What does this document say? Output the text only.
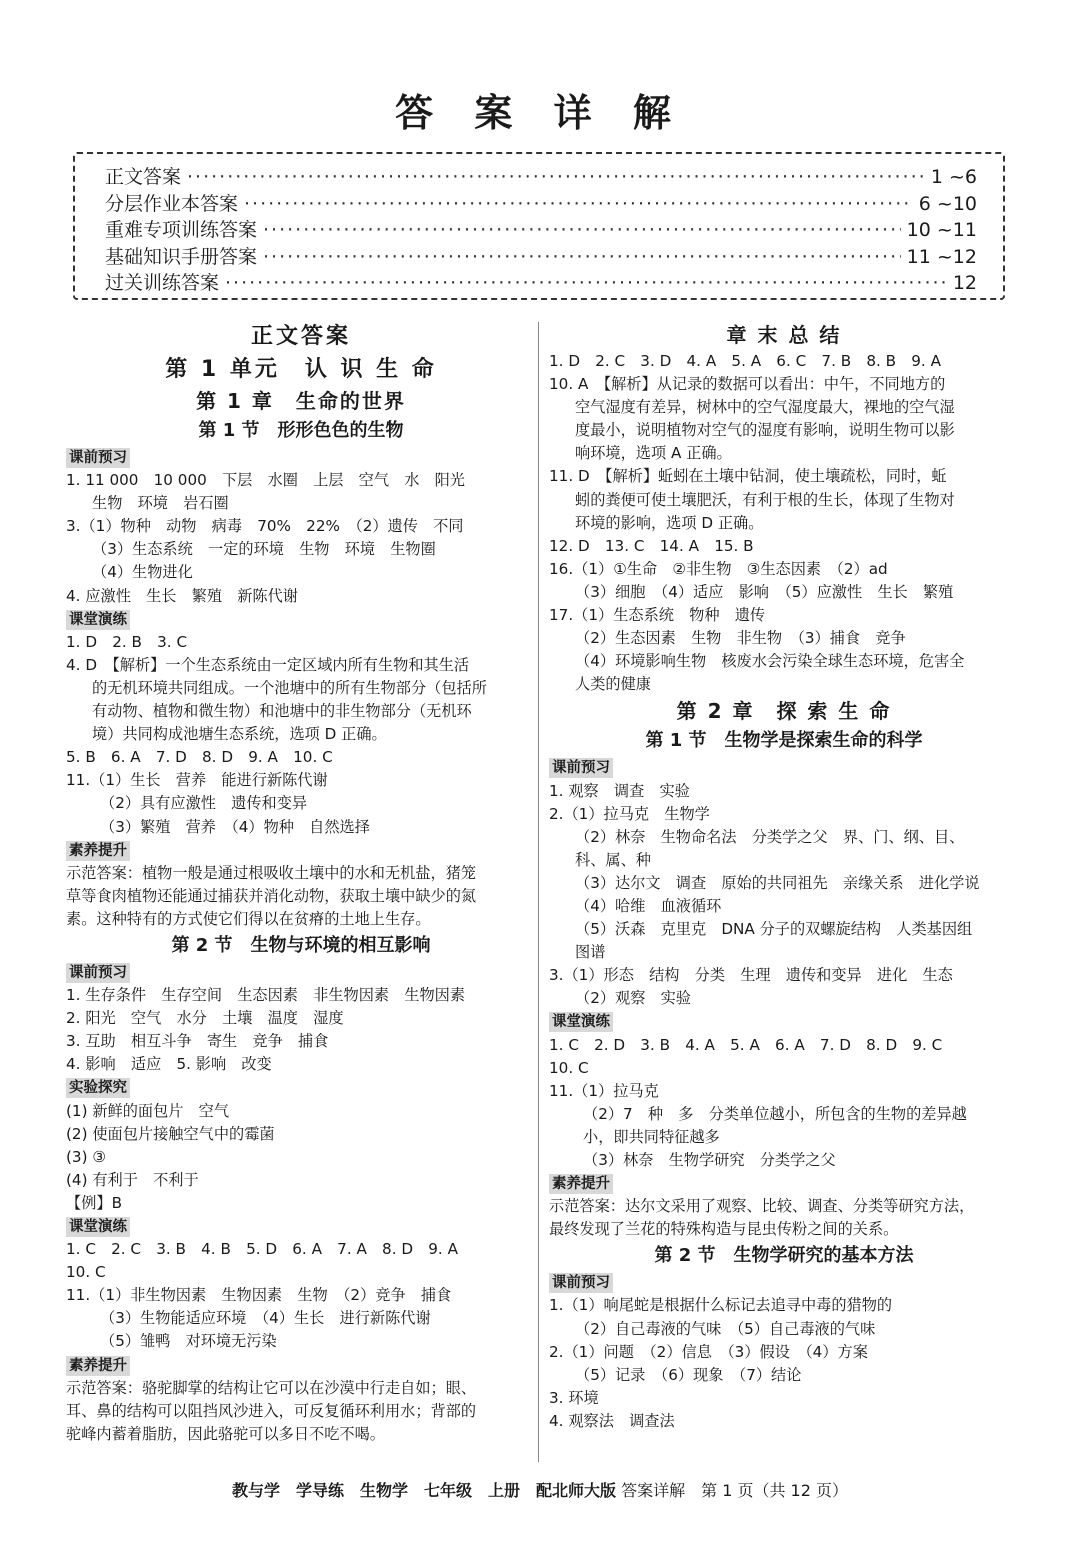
答 案 详 解
正文答案 ·····	1 ~6
分层作业本答案 ·····	6 ~10
重难专项训练答案 ·····	10 ~11
基础知识手册答案 ·····	11 ~12
过关训练答案 ·····	12
正文答案
第 1 单元　认 识 生 命
第 1 章　生命的世界
第 1 节　形形色色的生物
课前预习
1. 11 000　10 000　下层　水圈　上层　空气　水　阳光
生物　环境　岩石圈
3.（1）物种　动物　病毒　70%　22%　（2）遗传　不同
（3）生态系统　一定的环境　生物　环境　生物圈
（4）生物进化
4. 应激性　生长　繁殖　新陈代谢
课堂演练
1. D　2. B　3. C
4. D　【解析】一个生态系统由一定区域内所有生物和其生活
的无机环境共同组成。一个池塘中的所有生物部分（包括所
有动物、植物和微生物）和池塘中的非生物部分（无机环
境）共同构成池塘生态系统，选项 D 正确。
5. B　6. A　7. D　8. D　9. A　10. C
11.（1）生长　营养　能进行新陈代谢
（2）具有应激性　遗传和变异
（3）繁殖　营养　（4）物种　自然选择
素养提升
示范答案：植物一般是通过根吸收土壤中的水和无机盐，猪笼
草等食肉植物还能通过捕获并消化动物，获取土壤中缺少的氮
素。这种特有的方式使它们得以在贫瘠的土地上生存。
第 2 节　生物与环境的相互影响
课前预习
1. 生存条件　生存空间　生态因素　非生物因素　生物因素
2. 阳光　空气　水分　土壤　温度　湿度
3. 互助　相互斗争　寄生　竞争　捕食
4. 影响　适应　5. 影响　改变
实验探究
(1) 新鲜的面包片　空气
(2) 使面包片接触空气中的霉菌
(3) ③
(4) 有利于　不利于
【例】B
课堂演练
1. C　2. C　3. B　4. B　5. D　6. A　7. A　8. D　9. A
10. C
11.（1）非生物因素　生物因素　生物　（2）竞争　捕食
（3）生物能适应环境　（4）生长　进行新陈代谢
（5）雏鸭　对环境无污染
素养提升
示范答案：骆驼脚掌的结构让它可以在沙漠中行走自如；眼、
耳、鼻的结构可以阻挡风沙进入，可反复循环利用水；背部的
驼峰内蓄着脂肪，因此骆驼可以多日不吃不喝。
章 末 总 结
1. D　2. C　3. D　4. A　5. A　6. C　7. B　8. B　9. A
10. A　【解析】从记录的数据可以看出：中午，不同地方的
空气湿度有差异，树林中的空气湿度最大，裸地的空气湿
度最小，说明植物对空气的湿度有影响，说明生物可以影
响环境，选项 A 正确。
11. D　【解析】蚯蚓在土壤中钻洞，使土壤疏松，同时，蚯
蚓的粪便可使土壤肥沃，有利于根的生长，体现了生物对
环境的影响，选项 D 正确。
12. D　13. C　14. A　15. B
16.（1）①生命　②非生物　③生态因素　（2）ad
（3）细胞　（4）适应　影响　（5）应激性　生长　繁殖
17.（1）生态系统　物种　遗传
（2）生态因素　生物　非生物　（3）捕食　竞争
（4）环境影响生物　核废水会污染全球生态环境，危害全
人类的健康
第 2 章　探 索 生 命
第 1 节　生物学是探索生命的科学
课前预习
1. 观察　调查　实验
2.（1）拉马克　生物学
（2）林奈　生物命名法　分类学之父　界、门、纲、目、
科、属、种
（3）达尔文　调查　原始的共同祖先　亲缘关系　进化学说
（4）哈维　血液循环
（5）沃森　克里克　DNA 分子的双螺旋结构　人类基因组
图谱
3.（1）形态　结构　分类　生理　遗传和变异　进化　生态
（2）观察　实验
课堂演练
1. C　2. D　3. B　4. A　5. A　6. A　7. D　8. D　9. C
10. C
11.（1）拉马克
（2）7　种　多　分类单位越小，所包含的生物的差异越
小，即共同特征越多
（3）林奈　生物学研究　分类学之父
素养提升
示范答案：达尔文采用了观察、比较、调查、分类等研究方法，
最终发现了兰花的特殊构造与昆虫传粉之间的关系。
第 2 节　生物学研究的基本方法
课前预习
1.（1）响尾蛇是根据什么标记去追寻中毒的猎物的
（2）自己毒液的气味　（5）自己毒液的气味
2.（1）问题　（2）信息　（3）假设　（4）方案
（5）记录　（6）现象　（7）结论
3. 环境
4. 观察法　调查法
教与学　学导练　生物学　七年级　上册　配北师大版 答案详解　第 1 页（共 12 页）
